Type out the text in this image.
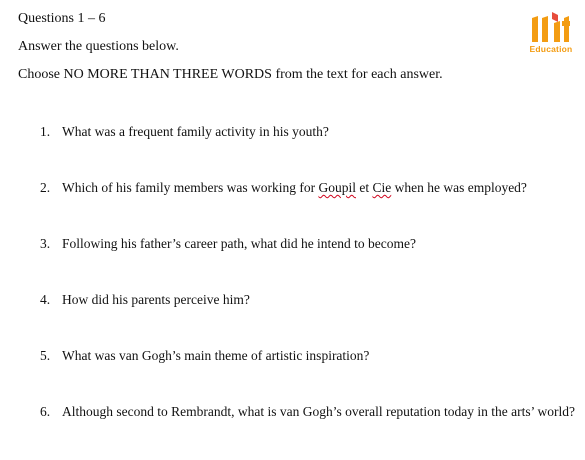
Questions 1 – 6
Answer the questions below.
Choose NO MORE THAN THREE WORDS from the text for each answer.
Education
1. What was a frequent family activity in his youth?
2. Which of his family members was working for Goupil et Cie when he was employed?
3. Following his father’s career path, what did he intend to become?
4. How did his parents perceive him?
5. What was van Gogh’s main theme of artistic inspiration?
6. Although second to Rembrandt, what is van Gogh’s overall reputation today in the arts’ world?
